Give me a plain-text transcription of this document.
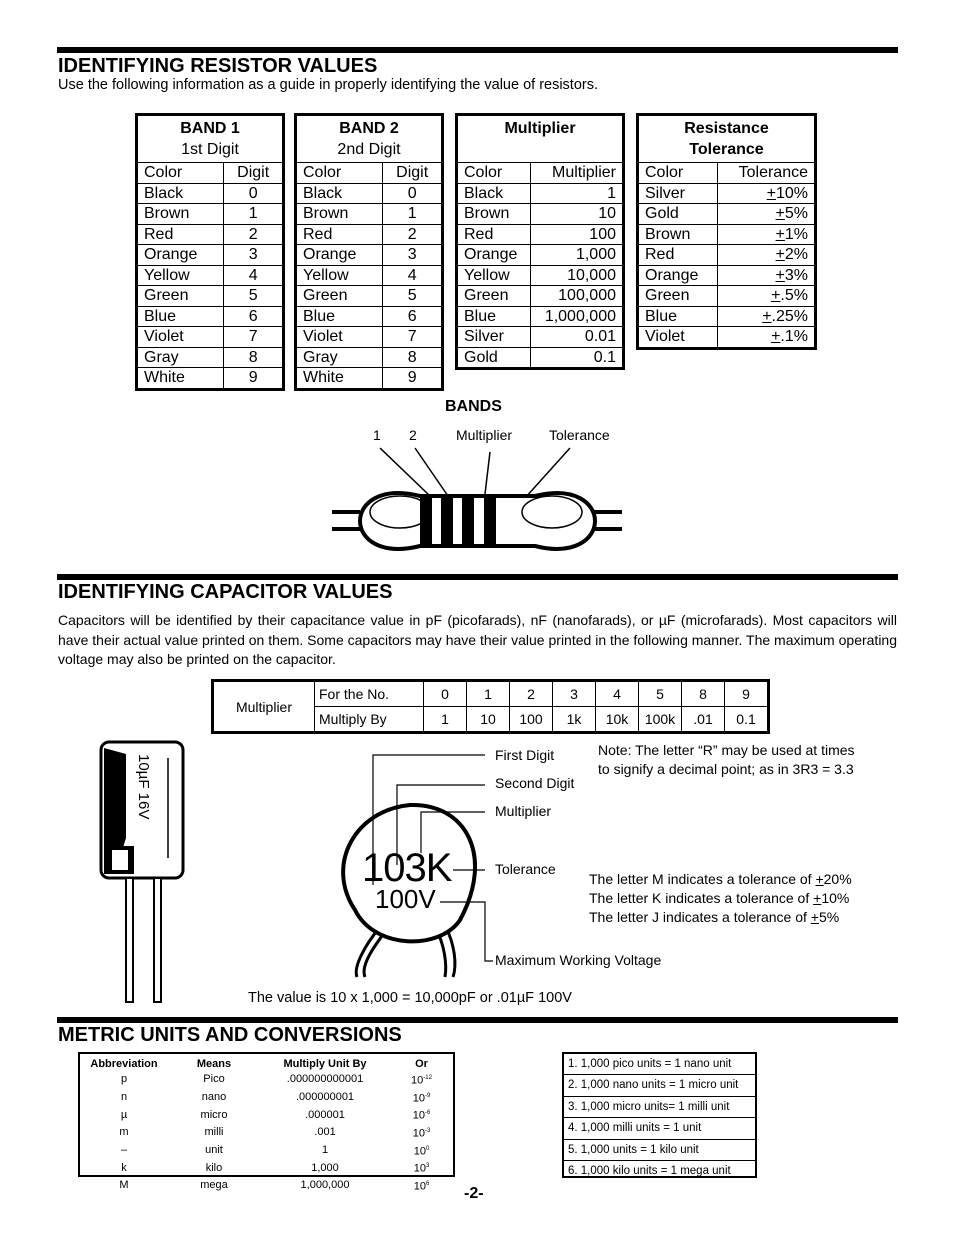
IDENTIFYING RESISTOR VALUES
Use the following information as a guide in properly identifying the value of resistors.
BAND 1
1st Digit	

Color	Digit
Black	0
Brown	1
Red	2
Orange	3
Yellow	4
Green	5
Blue	6
Violet	7
Gray	8
White	9
BAND 2
2nd Digit	

Color	Digit
Black	0
Brown	1
Red	2
Orange	3
Yellow	4
Green	5
Blue	6
Violet	7
Gray	8
White	9
Multiplier	

Color	Multiplier
Black	1
Brown	10
Red	100
Orange	1,000
Yellow	10,000
Green	100,000
Blue	1,000,000
Silver	0.01
Gold	0.1
Resistance
Tolerance	

Color	Tolerance
Silver	+10%
Gold	+5%
Brown	+1%
Red	+2%
Orange	+3%
Green	+.5%
Blue	+.25%
Violet	+.1%
BANDS
1 2	Multiplier	Tolerance
IDENTIFYING CAPACITOR VALUES
Capacitors will be identified by their capacitance value in pF (picofarads), nF (nanofarads), or µF (microfarads). Most capacitors will have their actual value printed on them. Some capacitors may have their value printed in the following manner. The maximum operating voltage may also be printed on the capacitor.
Multiplier	For the No.	0	1	2	3	4	5	8	9
	Multiply By	1	10	100	1k	10k	100k	.01	0.1
10µF 16V
103K
100V
First Digit
Second Digit
Multiplier
Tolerance
Maximum Working Voltage
Note: The letter “R” may be used at times
to signify a decimal point; as in 3R3 = 3.3
The letter M indicates a tolerance of +20%
The letter K indicates a tolerance of +10%
The letter J indicates a tolerance of +5%
The value is 10 x 1,000 = 10,000pF or .01µF 100V
METRIC UNITS AND CONVERSIONS
Abbreviation	Means	Multiply Unit By	Or
p	Pico	.000000000001	$10^{-12}$
n	nano	.000000001	$10^{-9}$
µ	micro	.000001	$10^{-6}$
m	milli	.001	$10^{-3}$
–	unit	1	$10^0$
k	kilo	1,000	$10^3$
M	mega	1,000,000	$10^6$
1. 1,000 pico units = 1 nano unit
2. 1,000 nano units = 1 micro unit
3. 1,000 micro units= 1 milli unit
4. 1,000 milli units = 1 unit
5. 1,000 units = 1 kilo unit
6. 1,000 kilo units = 1 mega unit
-2-
